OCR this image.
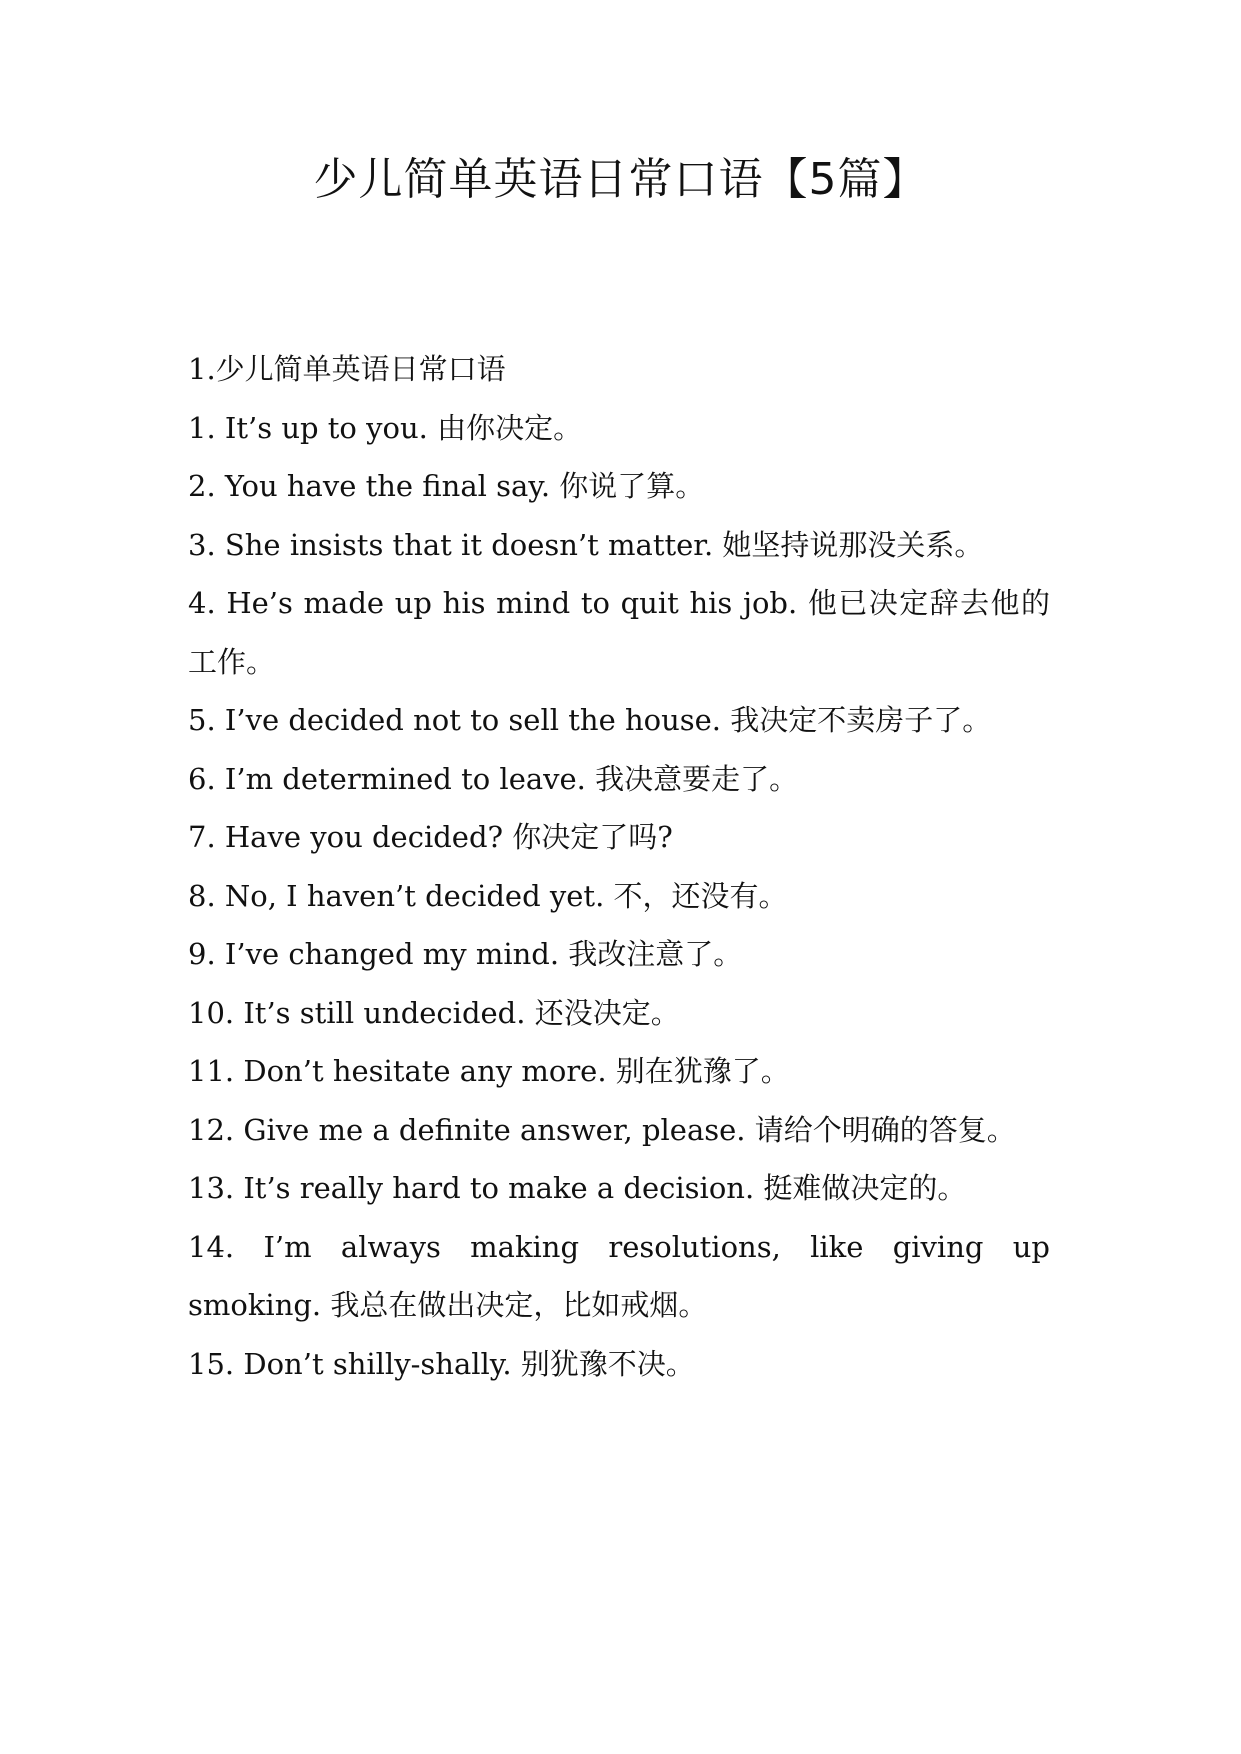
少儿简单英语日常口语【5篇】

1.少儿简单英语日常口语

1. It’s up to you. 由你决定。

2. You have the final say. 你说了算。

3. She insists that it doesn’t matter. 她坚持说那没关系。

4. He’s made up his mind to quit his job. 他已决定辞去他的工作。

5. I’ve decided not to sell the house. 我决定不卖房子了。

6. I’m determined to leave. 我决意要走了。

7. Have you decided? 你决定了吗?

8. No, I haven’t decided yet. 不，还没有。

9. I’ve changed my mind. 我改注意了。

10. It’s still undecided. 还没决定。

11. Don’t hesitate any more. 别在犹豫了。

12. Give me a definite answer, please. 请给个明确的答复。

13. It’s really hard to make a decision. 挺难做决定的。

14. I’m always making resolutions, like giving up smoking. 我总在做出决定，比如戒烟。

15. Don’t shilly-shally. 别犹豫不决。
